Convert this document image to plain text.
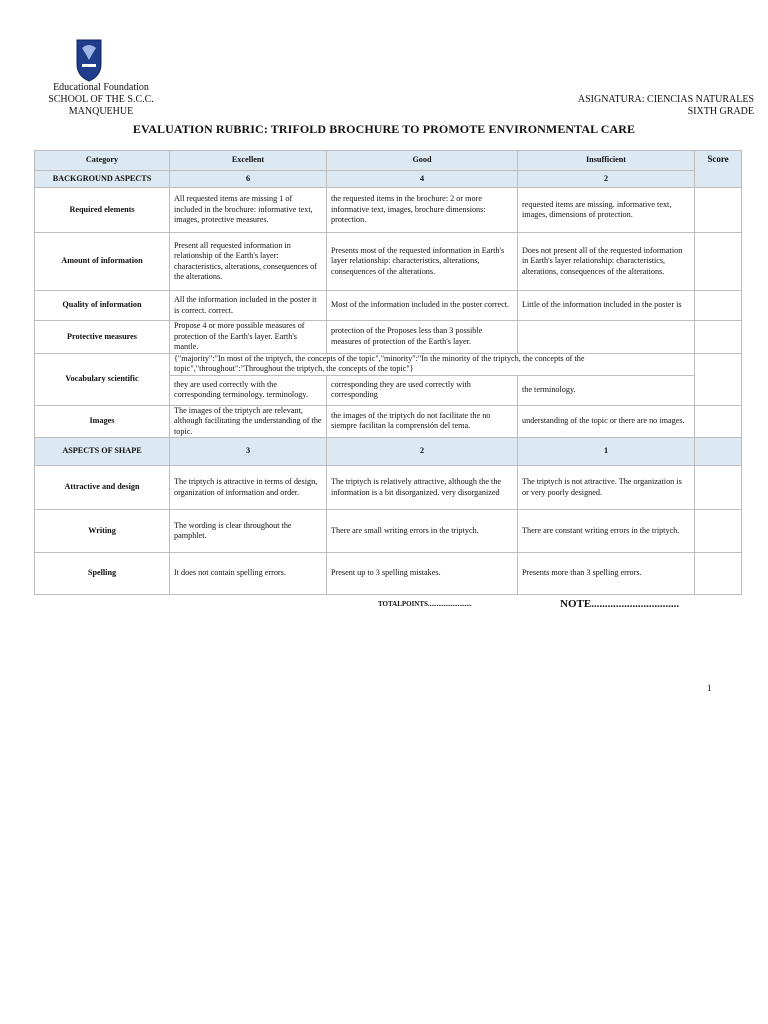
Educational Foundation
SCHOOL OF THE S.C.C.
MANQUEHUE
ASIGNATURA: CIENCIAS NATURALES
SIXTH GRADE
EVALUATION RUBRIC: TRIFOLD BROCHURE TO PROMOTE ENVIRONMENTAL CARE
Category	Excellent	Good	Insufficient	Score
BACKGROUND ASPECTS	6	4	2	
Required elements	All requested items are missing 1 of included in the brochure: informative text, images, protective measures.	the requested items in the brochure: 2 or more informative text, images, brochure dimensions: protection.	requested items are missing. informative text, images, dimensions of protection.	
Amount of information	Present all requested information in relationship of the Earth's layer: characteristics, alterations, consequences of the alterations.	Presents most of the requested information in Earth's layer relationship: characteristics, alterations, consequences of the alterations.	Does not present all of the requested information in Earth's layer relationship: characteristics, alterations, consequences of the alterations.	
Quality of information	All the information included in the poster it is correct. correct.	Most of the information included in the poster correct.	Little of the information included in the poster is	
Protective measures	Propose 4 or more possible measures of protection of the Earth's layer. Earth's mantle.	protection of the Proposes less than 3 possible measures of protection of the Earth's layer.		
Vocabulary scientific	{"majority":"In most of the triptych, the concepts of the topic","minority":"In the minority of the triptych, the concepts of the topic","throughout":"Throughout the triptych, the concepts of the topic"}			
	they are used correctly with the corresponding terminology. terminology.	corresponding they are used correctly with corresponding	the terminology.	
Images	The images of the triptych are relevant, although facilitating the understanding of the topic.	the images of the triptych do not facilitate the no siempre facilitan la comprensión del tema.	understanding of the topic or there are no images.	
ASPECTS OF SHAPE	3	2	1	
Attractive and design	The triptych is attractive in terms of design, organization of information and order.	The triptych is relatively attractive, although the the information is a bit disorganized. very disorganized	The triptych is not attractive. The organization is or very poorly designed.	
Writing	The wording is clear throughout the pamphlet.	There are small writing errors in the triptych.	There are constant writing errors in the triptych.	
Spelling	It does not contain spelling errors.	Present up to 3 spelling mistakes.	Presents more than 3 spelling errors.	
TOTALPOINTS.........................	NOTE................................
1
